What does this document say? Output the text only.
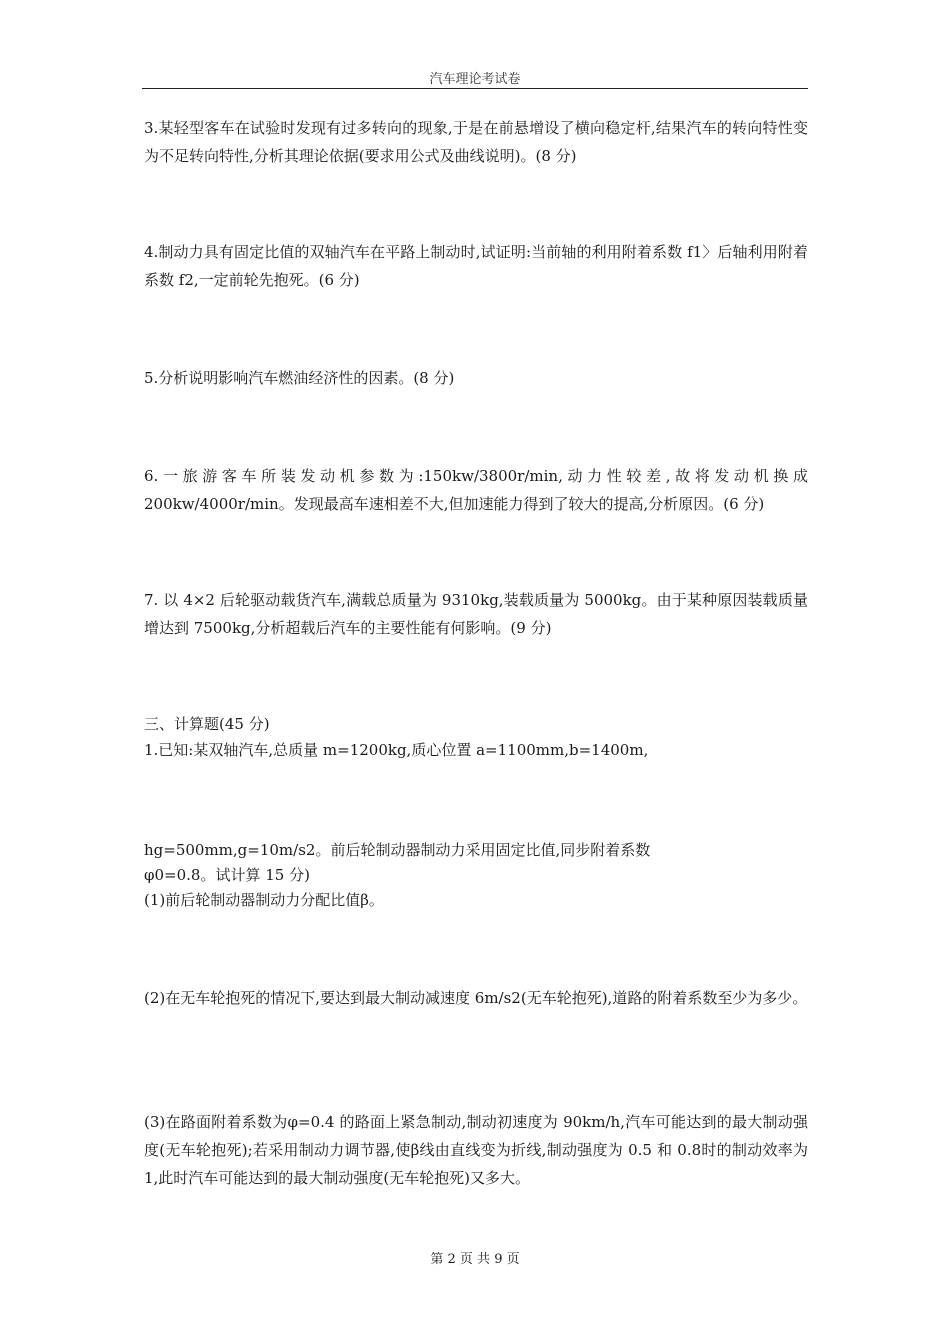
汽车理论考试卷

3.某轻型客车在试验时发现有过多转向的现象,于是在前悬增设了横向稳定杆,结果汽车的转向特性变为不足转向特性,分析其理论依据(要求用公式及曲线说明)。(8 分)

4.制动力具有固定比值的双轴汽车在平路上制动时,试证明:当前轴的利用附着系数 f1〉后轴利用附着系数 f2,一定前轮先抱死。(6 分)

5.分析说明影响汽车燃油经济性的因素。(8 分)

6.一旅游客车所装发动机参数为:150kw/3800r/min,动力性较差,故将发动机换成200kw/4000r/min。发现最高车速相差不大,但加速能力得到了较大的提高,分析原因。(6 分)

7. 以 4×2 后轮驱动载货汽车,满载总质量为 9310kg,装载质量为 5000kg。由于某种原因装载质量增达到 7500kg,分析超载后汽车的主要性能有何影响。(9 分)

三、计算题(45 分)

1.已知:某双轴汽车,总质量 m=1200kg,质心位置 a=1100mm,b=1400m,

hg=500mm,g=10m/s2。前后轮制动器制动力采用固定比值,同步附着系数

φ0=0.8。试计算 15 分)

(1)前后轮制动器制动力分配比值β。

(2)在无车轮抱死的情况下,要达到最大制动减速度 6m/s2(无车轮抱死),道路的附着系数至少为多少。

(3)在路面附着系数为φ=0.4 的路面上紧急制动,制动初速度为 90km/h,汽车可能达到的最大制动强度(无车轮抱死);若采用制动力调节器,使β线由直线变为折线,制动强度为 0.5 和 0.8时的制动效率为 1,此时汽车可能达到的最大制动强度(无车轮抱死)又多大。

第 2 页 共 9 页
